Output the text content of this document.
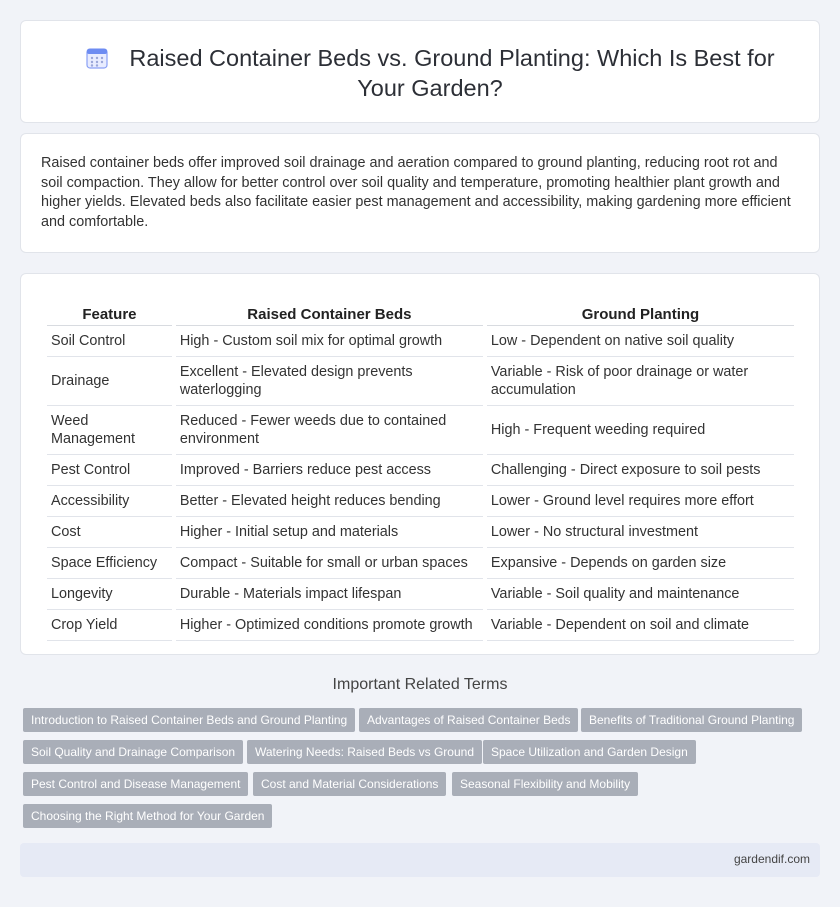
Raised Container Beds vs. Ground Planting: Which Is Best for Your Garden?

Raised container beds offer improved soil drainage and aeration compared to ground planting, reducing root rot and soil compaction. They allow for better control over soil quality and temperature, promoting healthier plant growth and higher yields. Elevated beds also facilitate easier pest management and accessibility, making gardening more efficient and comfortable.

Feature	Raised Container Beds	Ground Planting
Soil Control	High - Custom soil mix for optimal growth	Low - Dependent on native soil quality
Drainage	Excellent - Elevated design prevents waterlogging	Variable - Risk of poor drainage or water accumulation
Weed Management	Reduced - Fewer weeds due to contained environment	High - Frequent weeding required
Pest Control	Improved - Barriers reduce pest access	Challenging - Direct exposure to soil pests
Accessibility	Better - Elevated height reduces bending	Lower - Ground level requires more effort
Cost	Higher - Initial setup and materials	Lower - No structural investment
Space Efficiency	Compact - Suitable for small or urban spaces	Expansive - Depends on garden size
Longevity	Durable - Materials impact lifespan	Variable - Soil quality and maintenance
Crop Yield	Higher - Optimized conditions promote growth	Variable - Dependent on soil and climate
Important Related Terms
Introduction to Raised Container Beds and Ground Planting	Advantages of Raised Container Beds	Benefits of Traditional Ground Planting
Soil Quality and Drainage Comparison	Watering Needs: Raised Beds vs Ground	Space Utilization and Garden Design
Pest Control and Disease Management	Cost and Material Considerations	Seasonal Flexibility and Mobility
Choosing the Right Method for Your Garden
gardendif.com
